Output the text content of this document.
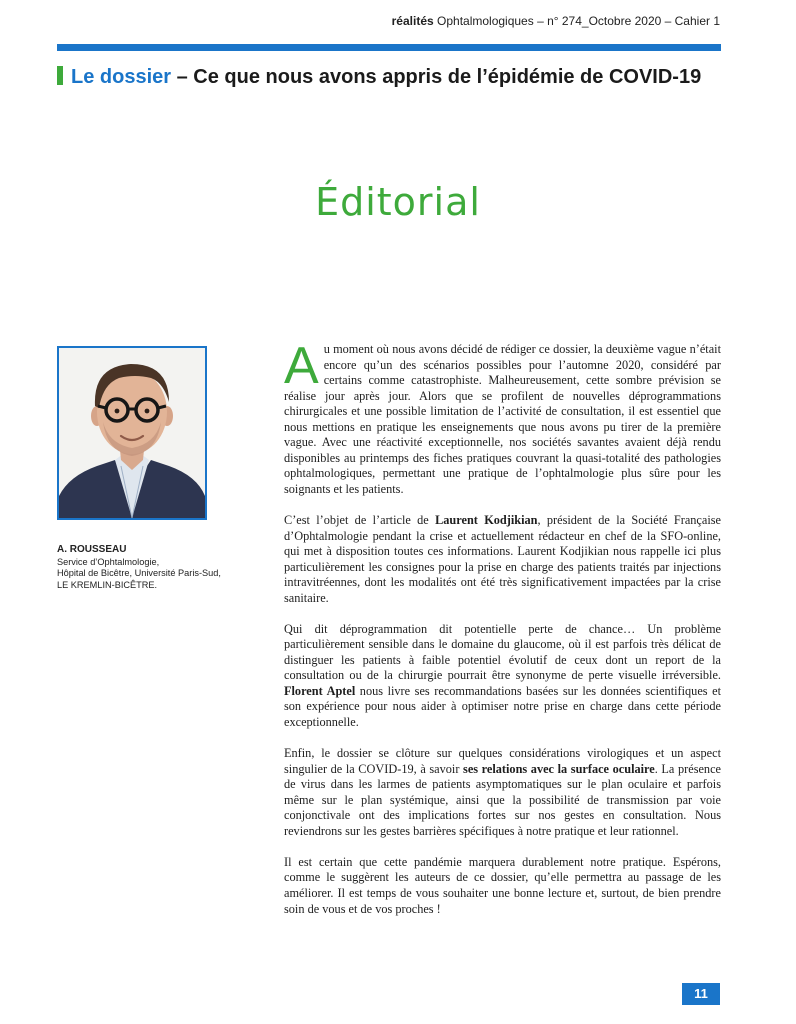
réalités Ophtalmologiques – n° 274_Octobre 2020 – Cahier 1
Le dossier – Ce que nous avons appris de l’épidémie de COVID-19
Éditorial
A. ROUSSEAU
Service d’Ophtalmologie,
Hôpital de Bicêtre, Université Paris-Sud,
LE KREMLIN-BICÊTRE.

Au moment où nous avons décidé de rédiger ce dossier, la deuxième vague n’était encore qu’un des scénarios possibles pour l’automne 2020, considéré par certains comme catastrophiste. Malheureusement, cette sombre prévision se réalise jour après jour. Alors que se profilent de nouvelles déprogrammations chirurgicales et une possible limitation de l’activité de consultation, il est essentiel que nous mettions en pratique les enseignements que nous avons pu tirer de la première vague. Avec une réactivité exceptionnelle, nos sociétés savantes avaient déjà rendu disponibles au printemps des fiches pratiques couvrant la quasi-totalité des pathologies ophtalmologiques, permettant une pratique de l’ophtalmologie plus sûre pour les soignants et les patients.

C’est l’objet de l’article de Laurent Kodjikian, président de la Société Française d’Ophtalmologie pendant la crise et actuellement rédacteur en chef de la SFO-online, qui met à disposition toutes ces informations. Laurent Kodjikian nous rappelle ici plus particulièrement les consignes pour la prise en charge des patients traités par injections intravitréennes, dont les modalités ont été très significativement impactées par la crise sanitaire.

Qui dit déprogrammation dit potentielle perte de chance… Un problème particulièrement sensible dans le domaine du glaucome, où il est parfois très délicat de distinguer les patients à faible potentiel évolutif de ceux dont un report de la consultation ou de la chirurgie pourrait être synonyme de perte visuelle irréversible. Florent Aptel nous livre ses recommandations basées sur les données scientifiques et son expérience pour nous aider à optimiser notre prise en charge dans cette période exceptionnelle.

Enfin, le dossier se clôture sur quelques considérations virologiques et un aspect singulier de la COVID-19, à savoir ses relations avec la surface oculaire. La présence de virus dans les larmes de patients asymptomatiques sur le plan oculaire et parfois même sur le plan systémique, ainsi que la possibilité de transmission par voie conjonctivale ont des implications fortes sur nos gestes en consultation. Nous reviendrons sur les gestes barrières spécifiques à notre pratique et leur rationnel.

Il est certain que cette pandémie marquera durablement notre pratique. Espérons, comme le suggèrent les auteurs de ce dossier, qu’elle permettra au passage de les améliorer. Il est temps de vous souhaiter une bonne lecture et, surtout, de bien prendre soin de vous et de vos proches !

11
